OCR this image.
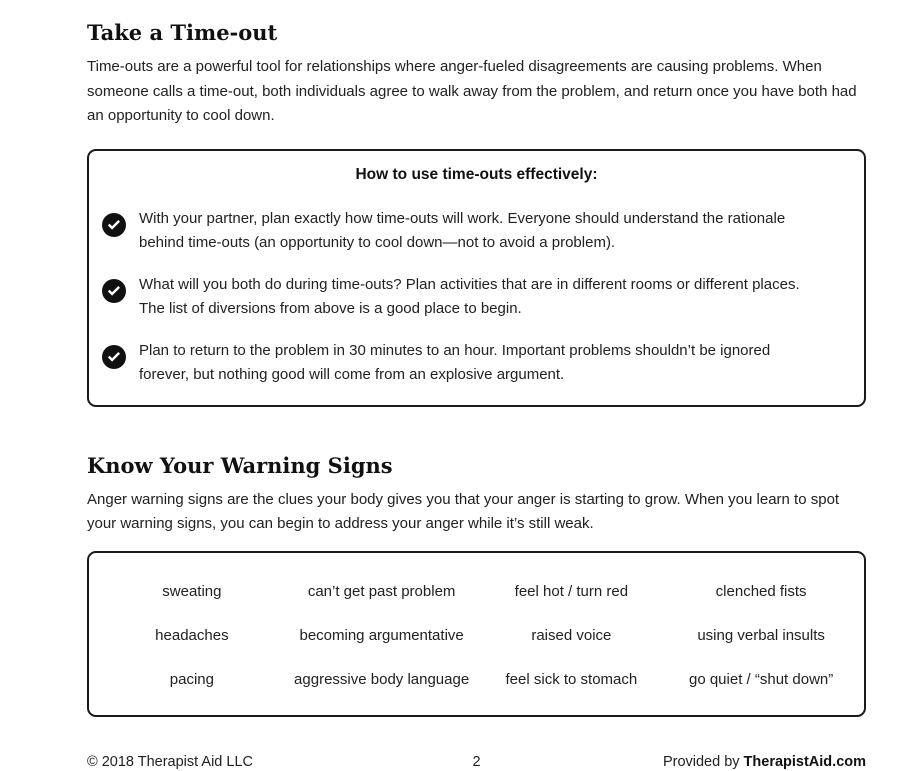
Take a Time-out

Time-outs are a powerful tool for relationships where anger-fueled disagreements are causing problems. When someone calls a time-out, both individuals agree to walk away from the problem, and return once you have both had an opportunity to cool down.

How to use time-outs effectively:
With your partner, plan exactly how time-outs will work. Everyone should understand the rationale behind time-outs (an opportunity to cool down—not to avoid a problem).
What will you both do during time-outs? Plan activities that are in different rooms or different places. The list of diversions from above is a good place to begin.
Plan to return to the problem in 30 minutes to an hour. Important problems shouldn’t be ignored forever, but nothing good will come from an explosive argument.
Know Your Warning Signs

Anger warning signs are the clues your body gives you that your anger is starting to grow. When you learn to spot your warning signs, you can begin to address your anger while it’s still weak.

sweating	can’t get past problem	feel hot / turn red	clenched fists
headaches	becoming argumentative	raised voice	using verbal insults
pacing	aggressive body language	feel sick to stomach	go quiet / “shut down”
© 2018 Therapist Aid LLC	2	Provided by TherapistAid.com
